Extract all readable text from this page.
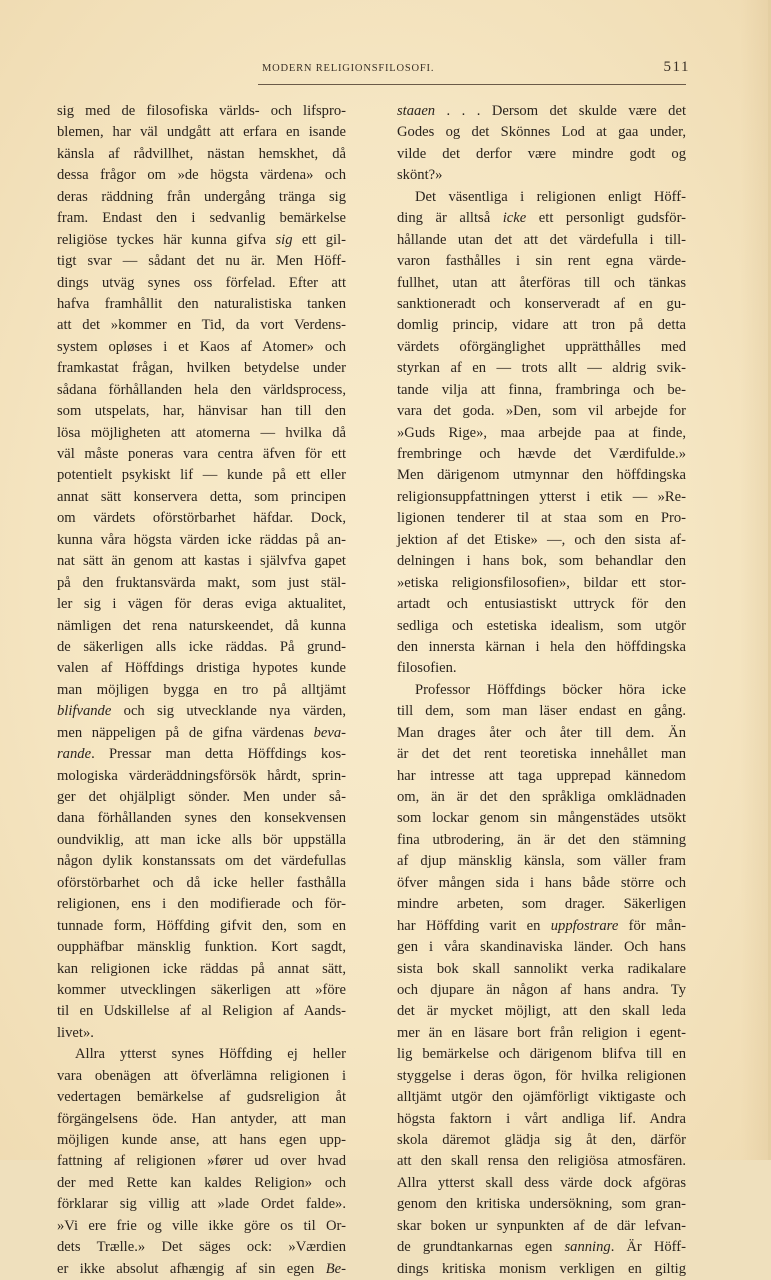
MODERN RELIGIONSFILOSOFI.	511
sig med de filosofiska världs- och lifspro-
blemen, har väl undgått att erfara en isande
känsla af rådvillhet, nästan hemskhet, då
dessa frågor om »de högsta värdena» och
deras räddning från undergång tränga sig
fram. Endast den i sedvanlig bemärkelse
religiöse tyckes här kunna gifva sig ett gil-
tigt svar — sådant det nu är. Men Höff-
dings utväg synes oss förfelad. Efter att
hafva framhållit den naturalistiska tanken
att det »kommer en Tid, da vort Verdens-
system opløses i et Kaos af Atomer» och
framkastat frågan, hvilken betydelse under
sådana förhållanden hela den världsprocess,
som utspelats, har, hänvisar han till den
lösa möjligheten att atomerna — hvilka då
väl måste poneras vara centra äfven för ett
potentielt psykiskt lif — kunde på ett eller
annat sätt konservera detta, som principen
om värdets oförstörbarhet häfdar. Dock,
kunna våra högsta värden icke räddas på an-
nat sätt än genom att kastas i självfva gapet
på den fruktansvärda makt, som just stäl-
ler sig i vägen för deras eviga aktualitet,
nämligen det rena naturskeendet, då kunna
de säkerligen alls icke räddas. På grund-
valen af Höffdings dristiga hypotes kunde
man möjligen bygga en tro på alltjämt
blifvande och sig utvecklande nya värden,
men näppeligen på de gifna värdenas beva-
rande. Pressar man detta Höffdings kos-
mologiska värderäddningsförsök hårdt, sprin-
ger det ohjälpligt sönder. Men under så-
dana förhållanden synes den konsekvensen
oundviklig, att man icke alls bör uppställa
någon dylik konstanssats om det värdefullas
oförstörbarhet och då icke heller fasthålla
religionen, ens i den modifierade och för-
tunnade form, Höffding gifvit den, som en
oupphäfbar mänsklig funktion. Kort sagdt,
kan religionen icke räddas på annat sätt,
kommer utvecklingen säkerligen att »före
til en Udskillelse af al Religion af Aands-
livet».
Allra ytterst synes Höffding ej heller
vara obenägen att öfverlämna religionen i
vedertagen bemärkelse af gudsreligion åt
förgängelsens öde. Han antyder, att man
möjligen kunde anse, att hans egen upp-
fattning af religionen »fører ud over hvad
der med Rette kan kaldes Religion» och
förklarar sig villig att »lade Ordet falde».
»Vi ere frie og ville ikke göre os til Or-
dets Trælle.» Det säges ock: »Værdien
er ikke absolut afhængig af sin egen Be-
staaen . . . Dersom det skulde være det
Godes og det Skönnes Lod at gaa under,
vilde det derfor være mindre godt og
skönt?»
Det väsentliga i religionen enligt Höff-
ding är alltså icke ett personligt gudsför-
hållande utan det att det värdefulla i till-
varon fasthålles i sin rent egna värde-
fullhet, utan att återföras till och tänkas
sanktioneradt och konserveradt af en gu-
domlig princip, vidare att tron på detta
värdets oförgänglighet upprätthålles med
styrkan af en — trots allt — aldrig svik-
tande vilja att finna, frambringa och be-
vara det goda. »Den, som vil arbejde for
»Guds Rige», maa arbejde paa at finde,
frembringe och hævde det Værdifulde.»
Men därigenom utmynnar den höffdingska
religionsuppfattningen ytterst i etik — »Re-
ligionen tenderer til at staa som en Pro-
jektion af det Etiske» —, och den sista af-
delningen i hans bok, som behandlar den
»etiska religionsfilosofien», bildar ett stor-
artadt och entusiastiskt uttryck för den
sedliga och estetiska idealism, som utgör
den innersta kärnan i hela den höffdingska
filosofien.
Professor Höffdings böcker höra icke
till dem, som man läser endast en gång.
Man drages åter och åter till dem. Än
är det det rent teoretiska innehållet man
har intresse att taga upprepad kännedom
om, än är det den språkliga omklädnaden
som lockar genom sin mångenstädes utsökt
fina utbrodering, än är det den stämning
af djup mänsklig känsla, som väller fram
öfver mången sida i hans både större och
mindre arbeten, som drager. Säkerligen
har Höffding varit en uppfostrare för mån-
gen i våra skandinaviska länder. Och hans
sista bok skall sannolikt verka radikalare
och djupare än någon af hans andra. Ty
det är mycket möjligt, att den skall leda
mer än en läsare bort från religion i egent-
lig bemärkelse och därigenom blifva till en
styggelse i deras ögon, för hvilka religionen
alltjämt utgör den ojämförligt viktigaste och
högsta faktorn i vårt andliga lif. Andra
skola däremot glädja sig åt den, därför
att den skall rensa den religiösa atmosfären.
Allra ytterst skall dess värde dock afgöras
genom den kritiska undersökning, som gran-
skar boken ur synpunkten af de där lefvan-
de grundtankarnas egen sanning. Är Höff-
dings kritiska monism verkligen en giltig
